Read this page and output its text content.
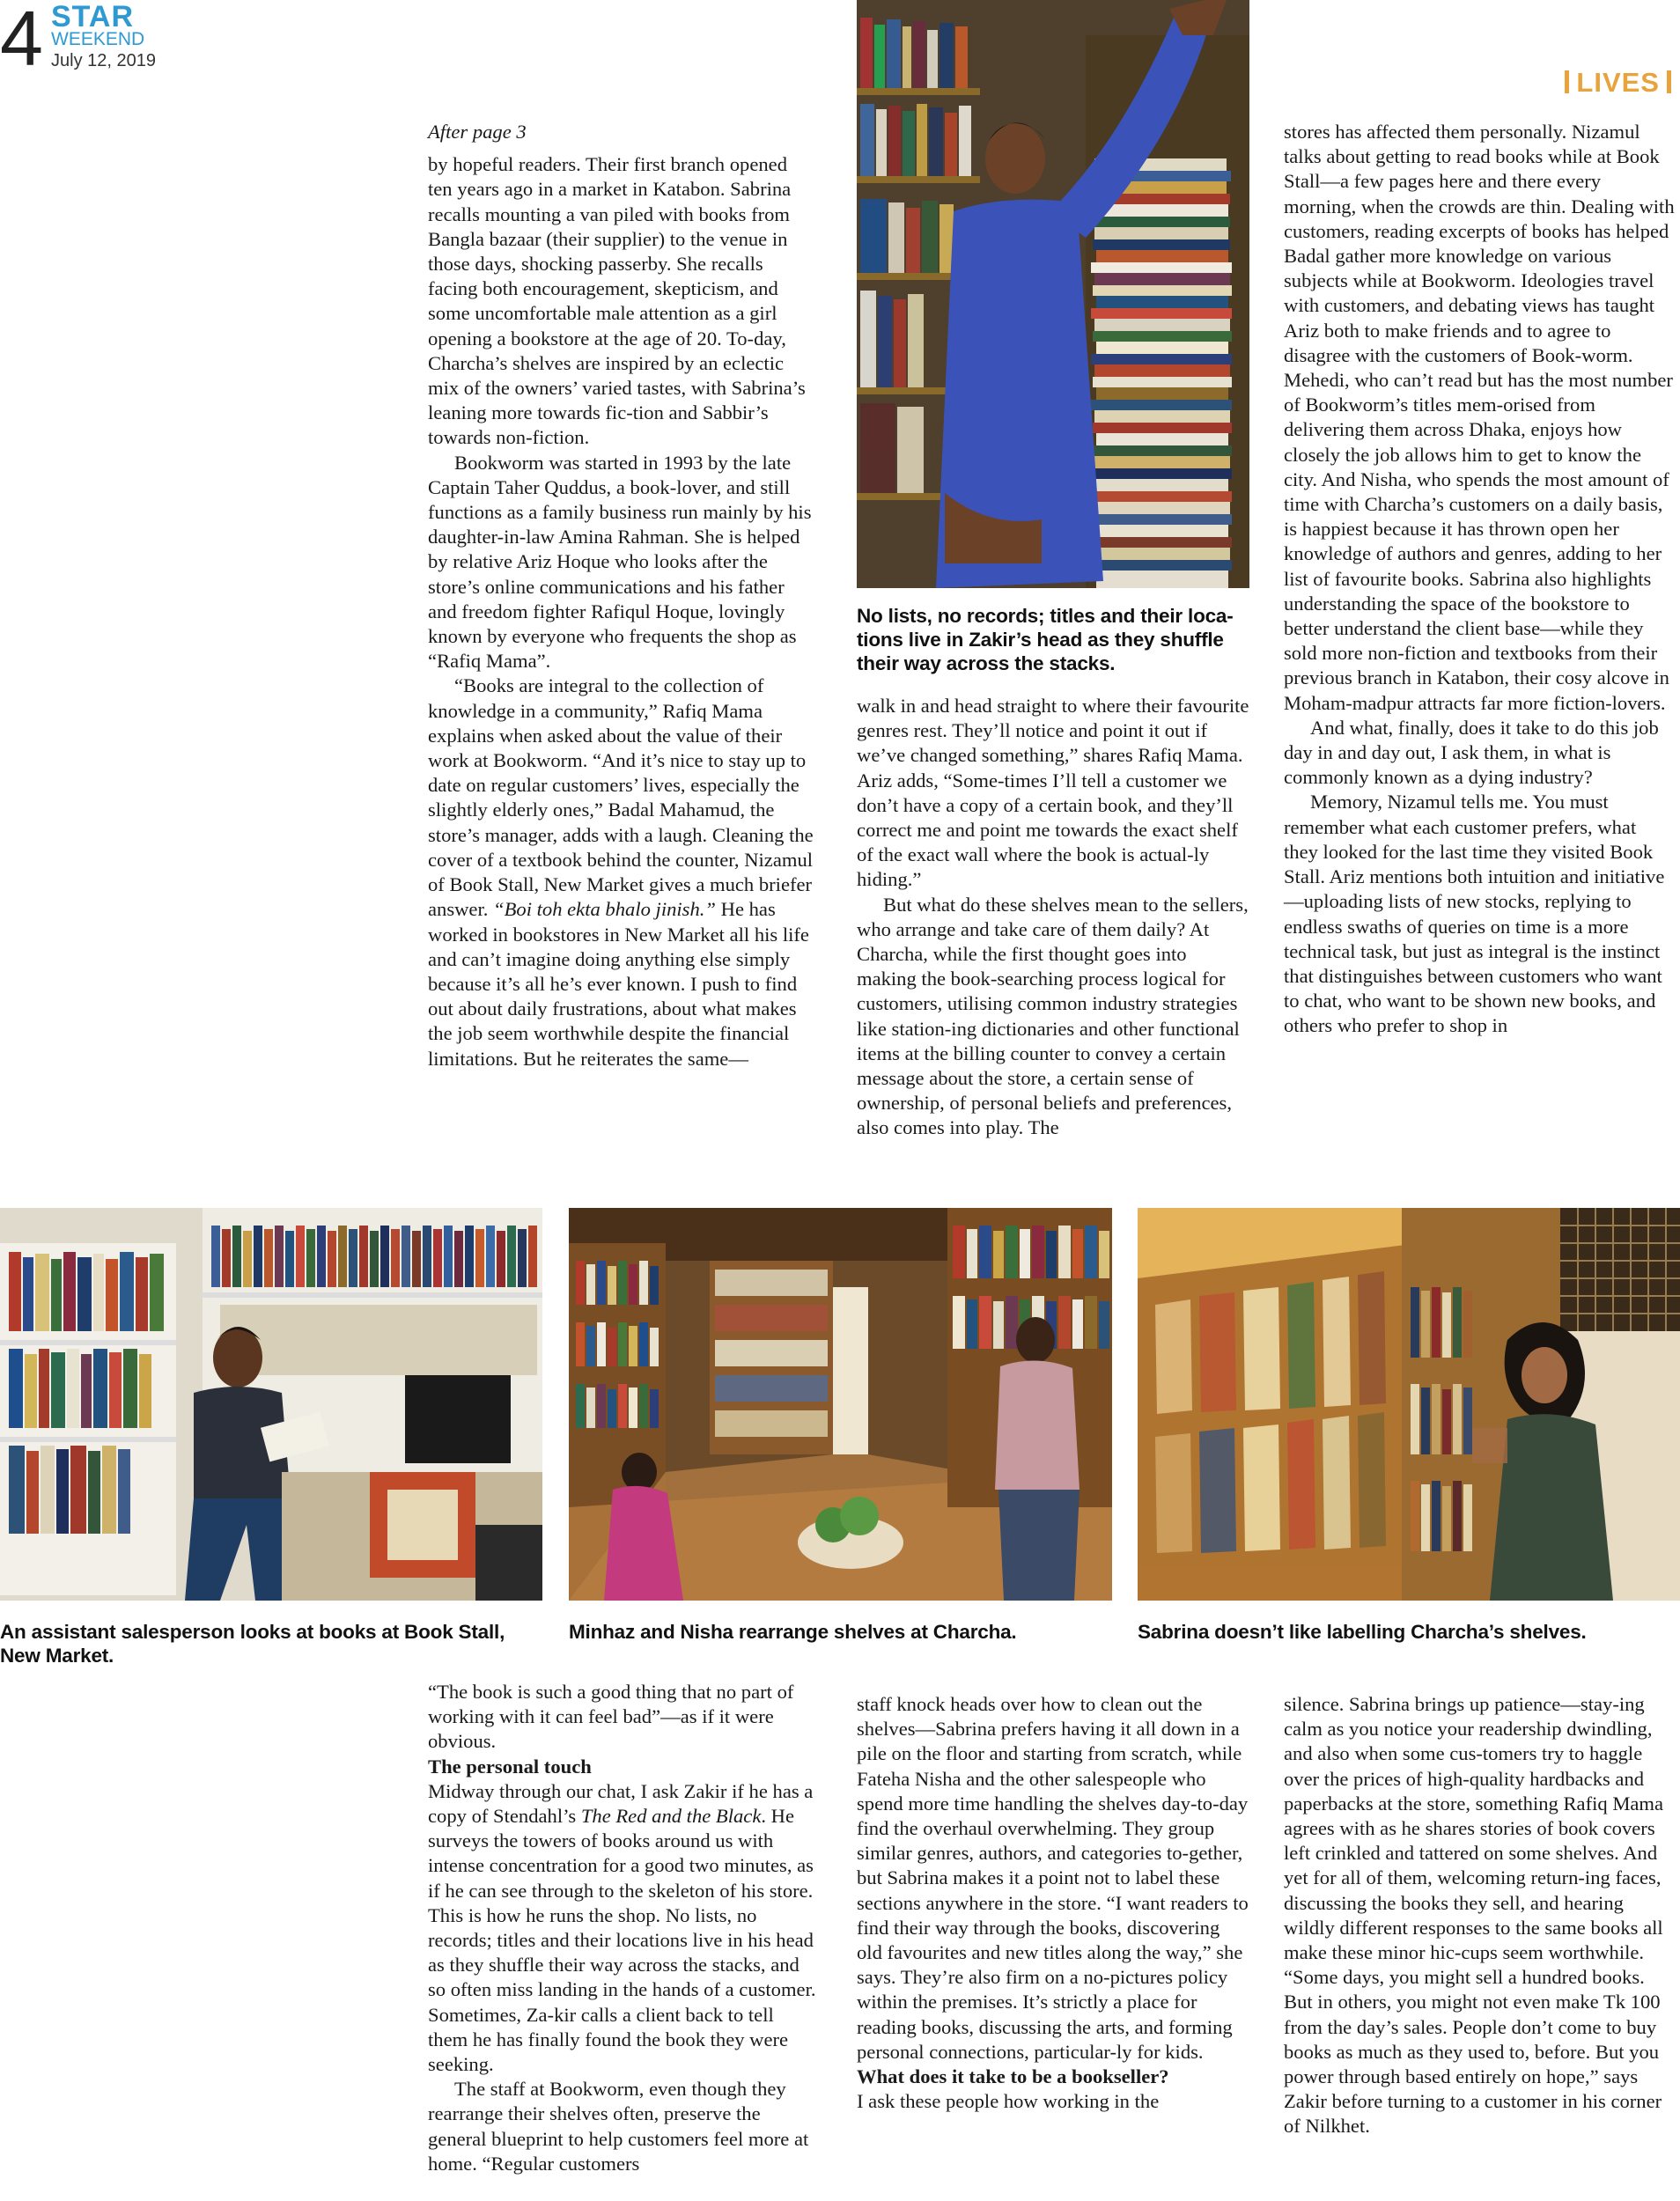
4 STAR
WEEKEND
July 12, 2019
LIVES

After page 3

by hopeful readers. Their first branch opened ten years ago in a market in Katabon. Sabrina recalls mounting a van piled with books from Bangla bazaar (their supplier) to the venue in those days, shocking passerby. She recalls facing both encouragement, skepticism, and some uncomfortable male attention as a girl opening a bookstore at the age of 20. To-day, Charcha’s shelves are inspired by an eclectic mix of the owners’ varied tastes, with Sabrina’s leaning more towards fic-tion and Sabbir’s towards non-fiction.

Bookworm was started in 1993 by the late Captain Taher Quddus, a book-lover, and still functions as a family business run mainly by his daughter-in-law Amina Rahman. She is helped by relative Ariz Hoque who looks after the store’s online communications and his father and freedom fighter Rafiqul Hoque, lovingly known by everyone who frequents the shop as “Rafiq Mama”.

“Books are integral to the collection of knowledge in a community,” Rafiq Mama explains when asked about the value of their work at Bookworm. “And it’s nice to stay up to date on regular customers’ lives, especially the slightly elderly ones,” Badal Mahamud, the store’s manager, adds with a laugh. Cleaning the cover of a textbook behind the counter, Nizamul of Book Stall, New Market gives a much briefer answer. “Boi toh ekta bhalo jinish.” He has worked in bookstores in New Market all his life and can’t imagine doing anything else simply because it’s all he’s ever known. I push to find out about daily frustrations, about what makes the job seem worthwhile despite the financial limitations. But he reiterates the same—

No lists, no records; titles and their loca-tions live in Zakir’s head as they shuffle their way across the stacks.

walk in and head straight to where their favourite genres rest. They’ll notice and point it out if we’ve changed something,” shares Rafiq Mama. Ariz adds, “Some-times I’ll tell a customer we don’t have a copy of a certain book, and they’ll correct me and point me towards the exact shelf of the exact wall where the book is actual-ly hiding.”

But what do these shelves mean to the sellers, who arrange and take care of them daily? At Charcha, while the first thought goes into making the book-searching process logical for customers, utilising common industry strategies like station-ing dictionaries and other functional items at the billing counter to convey a certain message about the store, a certain sense of ownership, of personal beliefs and preferences, also comes into play. The

stores has affected them personally. Nizamul talks about getting to read books while at Book Stall—a few pages here and there every morning, when the crowds are thin. Dealing with customers, reading excerpts of books has helped Badal gather more knowledge on various subjects while at Bookworm. Ideologies travel with customers, and debating views has taught Ariz both to make friends and to agree to disagree with the customers of Book-worm. Mehedi, who can’t read but has the most number of Bookworm’s titles mem-orised from delivering them across Dhaka, enjoys how closely the job allows him to get to know the city. And Nisha, who spends the most amount of time with Charcha’s customers on a daily basis, is happiest because it has thrown open her knowledge of authors and genres, adding to her list of favourite books. Sabrina also highlights understanding the space of the bookstore to better understand the client base—while they sold more non-fiction and textbooks from their previous branch in Katabon, their cosy alcove in Moham-madpur attracts far more fiction-lovers.

And what, finally, does it take to do this job day in and day out, I ask them, in what is commonly known as a dying industry?

Memory, Nizamul tells me. You must remember what each customer prefers, what they looked for the last time they visited Book Stall. Ariz mentions both intuition and initiative—uploading lists of new stocks, replying to endless swaths of queries on time is a more technical task, but just as integral is the instinct that distinguishes between customers who want to chat, who want to be shown new books, and others who prefer to shop in

An assistant salesperson looks at books at Book Stall, New Market.
Minhaz and Nisha rearrange shelves at Charcha.	Sabrina doesn’t like labelling Charcha’s shelves.

“The book is such a good thing that no part of working with it can feel bad”—as if it were obvious.

The personal touch

Midway through our chat, I ask Zakir if he has a copy of Stendahl’s The Red and the Black. He surveys the towers of books around us with intense concentration for a good two minutes, as if he can see through to the skeleton of his store. This is how he runs the shop. No lists, no records; titles and their locations live in his head as they shuffle their way across the stacks, and so often miss landing in the hands of a customer. Sometimes, Za-kir calls a client back to tell them he has finally found the book they were seeking.

The staff at Bookworm, even though they rearrange their shelves often, preserve the general blueprint to help customers feel more at home. “Regular customers

staff knock heads over how to clean out the shelves—Sabrina prefers having it all down in a pile on the floor and starting from scratch, while Fateha Nisha and the other salespeople who spend more time handling the shelves day-to-day find the overhaul overwhelming. They group similar genres, authors, and categories to-gether, but Sabrina makes it a point not to label these sections anywhere in the store. “I want readers to find their way through the books, discovering old favourites and new titles along the way,” she says. They’re also firm on a no-pictures policy within the premises. It’s strictly a place for reading books, discussing the arts, and forming personal connections, particular-ly for kids.

What does it take to be a bookseller?

I ask these people how working in the

silence. Sabrina brings up patience—stay-ing calm as you notice your readership dwindling, and also when some cus-tomers try to haggle over the prices of high-quality hardbacks and paperbacks at the store, something Rafiq Mama agrees with as he shares stories of book covers left crinkled and tattered on some shelves. And yet for all of them, welcoming return-ing faces, discussing the books they sell, and hearing wildly different responses to the same books all make these minor hic-cups seem worthwhile. “Some days, you might sell a hundred books. But in others, you might not even make Tk 100 from the day’s sales. People don’t come to buy books as much as they used to, before. But you power through based entirely on hope,” says Zakir before turning to a customer in his corner of Nilkhet.
